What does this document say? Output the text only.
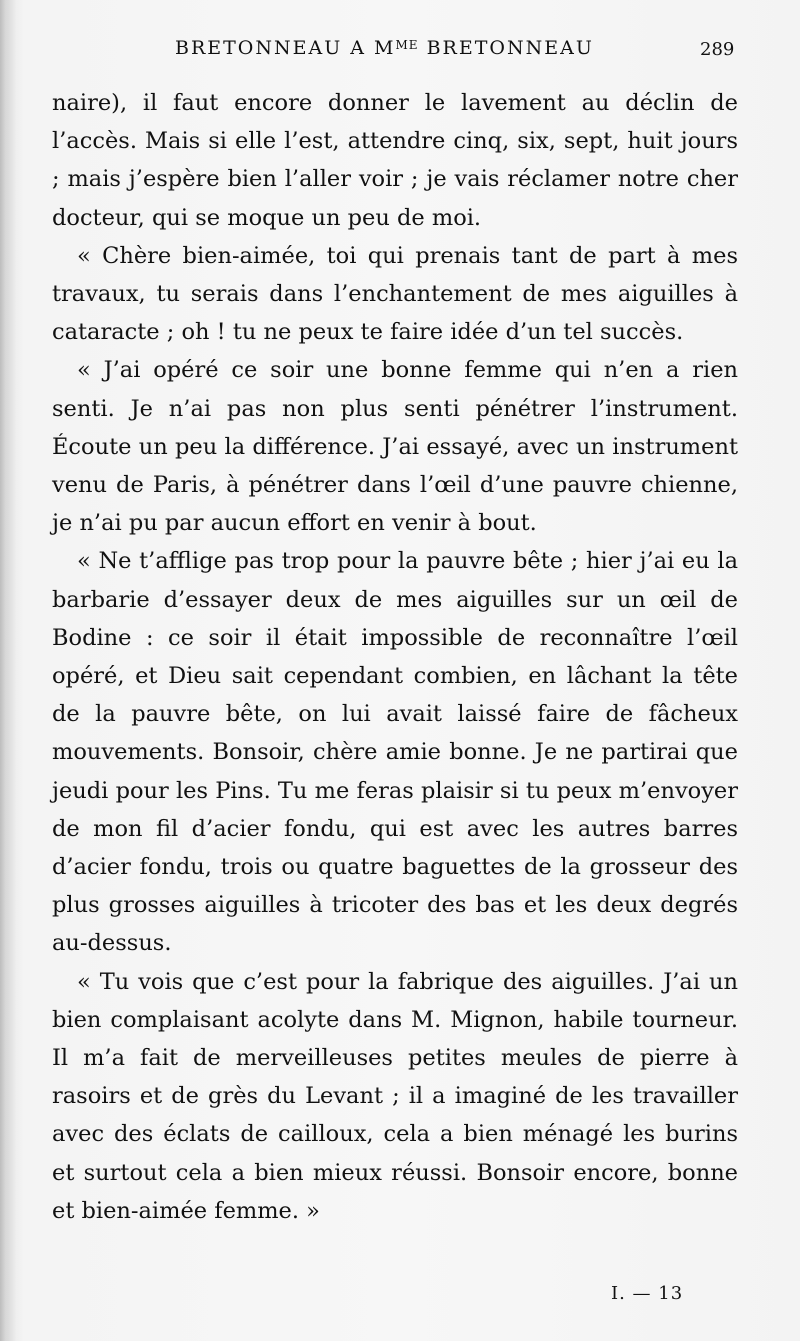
BRETONNEAU A $M^{ME}$ BRETONNEAU	289

naire), il faut encore donner le lavement au déclin de l’accès. Mais si elle l’est, attendre cinq, six, sept, huit jours ; mais j’espère bien l’aller voir ; je vais réclamer notre cher docteur, qui se moque un peu de moi.

« Chère bien-aimée, toi qui prenais tant de part à mes travaux, tu serais dans l’enchantement de mes aiguilles à cataracte ; oh ! tu ne peux te faire idée d’un tel succès.

« J’ai opéré ce soir une bonne femme qui n’en a rien senti. Je n’ai pas non plus senti pénétrer l’instrument. Écoute un peu la différence. J’ai essayé, avec un instrument venu de Paris, à pénétrer dans l’œil d’une pauvre chienne, je n’ai pu par aucun effort en venir à bout.

« Ne t’afflige pas trop pour la pauvre bête ; hier j’ai eu la barbarie d’essayer deux de mes aiguilles sur un œil de Bodine : ce soir il était impossible de reconnaître l’œil opéré, et Dieu sait cependant combien, en lâchant la tête de la pauvre bête, on lui avait laissé faire de fâcheux mouvements. Bonsoir, chère amie bonne. Je ne partirai que jeudi pour les Pins. Tu me feras plaisir si tu peux m’envoyer de mon fil d’acier fondu, qui est avec les autres barres d’acier fondu, trois ou quatre baguettes de la grosseur des plus grosses aiguilles à tricoter des bas et les deux degrés au-dessus.

« Tu vois que c’est pour la fabrique des aiguilles. J’ai un bien complaisant acolyte dans M. Mignon, habile tourneur. Il m’a fait de merveilleuses petites meules de pierre à rasoirs et de grès du Levant ; il a imaginé de les travailler avec des éclats de cailloux, cela a bien ménagé les burins et surtout cela a bien mieux réussi. Bonsoir encore, bonne et bien-aimée femme. »

I. — 13
